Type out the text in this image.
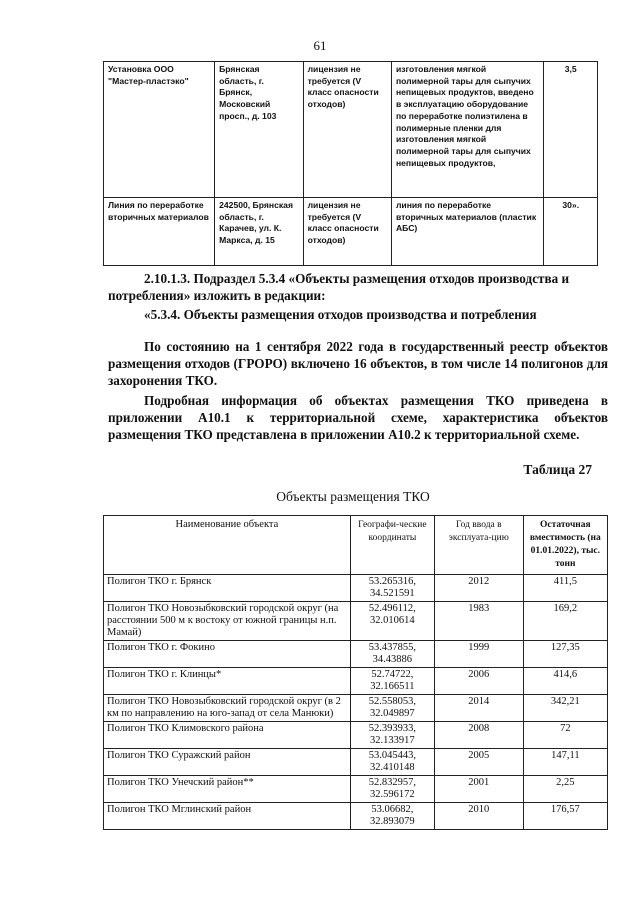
61
Установка ООО "Мастер-пластэко"	Брянская область, г. Брянск, Московский просп., д. 103	лицензия не требуется (V класс опасности отходов)	изготовления мягкой полимерной тары для сыпучих непищевых продуктов, введено в эксплуатацию оборудование по переработке полиэтилена в полимерные пленки для изготовления мягкой полимерной тары для сыпучих непищевых продуктов,	3,5
Линия по переработке вторичных материалов	242500, Брянская область, г. Карачев, ул. К. Маркса, д. 15	лицензия не требуется (V класс опасности отходов)	линия по переработке вторичных материалов (пластик АБС)	30».
2.10.1.3. Подраздел 5.3.4 «Объекты размещения отходов производства и потребления» изложить в редакции:
«5.3.4. Объекты размещения отходов производства и потребления
По состоянию на 1 сентября 2022 года в государственный реестр объектов размещения отходов (ГРОРО) включено 16 объектов, в том числе 14 полигонов для захоронения ТКО.
Подробная информация об объектах размещения ТКО приведена в приложении А10.1 к территориальной схеме, характеристика объектов размещения ТКО представлена в приложении А10.2 к территориальной схеме.
Таблица 27
Объекты размещения ТКО
Наименование объекта	Географи-ческие координаты	Год ввода в эксплуата-цию	Остаточная вместимость (на 01.01.2022), тыс. тонн
Полигон ТКО г. Брянск	53.265316, 34.521591	2012	411,5
Полигон ТКО Новозыбковский городской округ (на расстоянии 500 м к востоку от южной границы н.п. Мамай)	52.496112, 32.010614	1983	169,2
Полигон ТКО г. Фокино	53.437855, 34.43886	1999	127,35
Полигон ТКО г. Клинцы*	52.74722, 32.166511	2006	414,6
Полигон ТКО Новозыбковский городской округ (в 2 км по направлению на юго-запад от села Манюки)	52.558053, 32.049897	2014	342,21
Полигон ТКО Климовского района	52.393933, 32.133917	2008	72
Полигон ТКО Суражский район	53.045443, 32.410148	2005	147,11
Полигон ТКО Унечский район**	52.832957, 32.596172	2001	2,25
Полигон ТКО Мглинский район	53.06682, 32.893079	2010	176,57
